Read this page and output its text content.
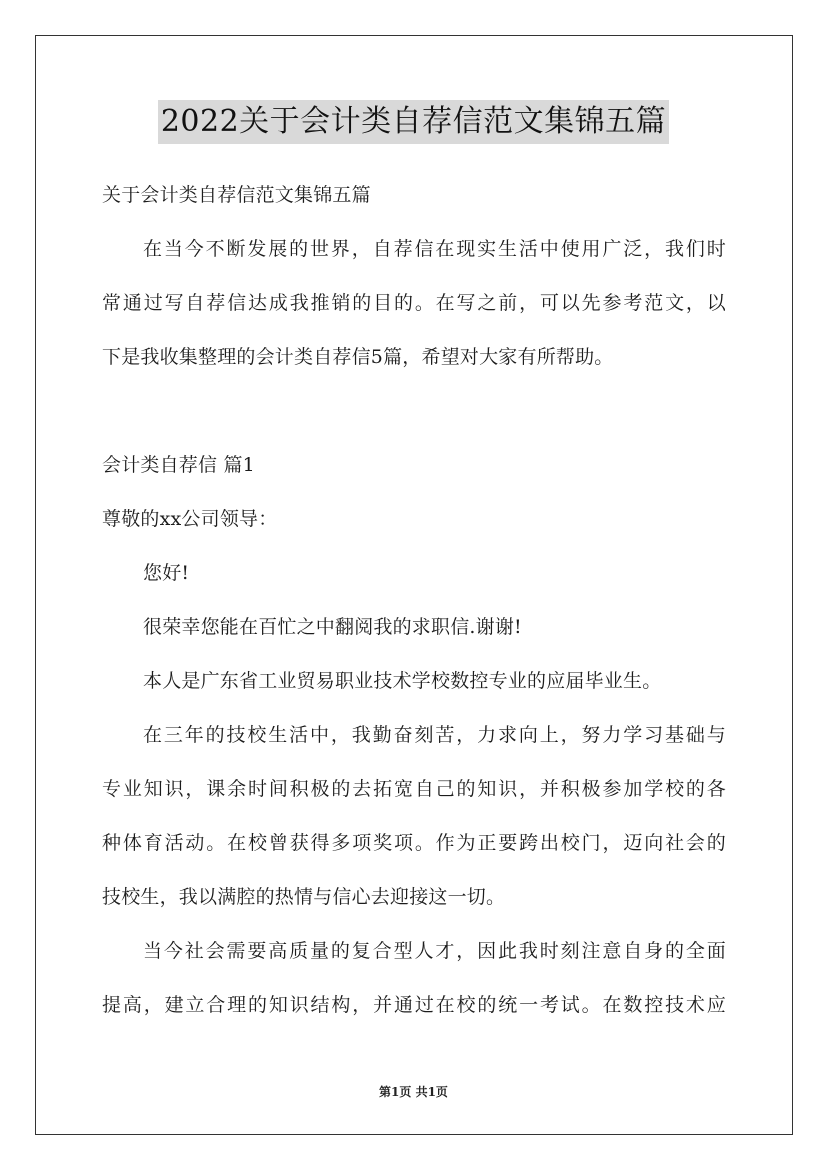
2022关于会计类自荐信范文集锦五篇
关于会计类自荐信范文集锦五篇
在当今不断发展的世界，自荐信在现实生活中使用广泛，我们时
常通过写自荐信达成我推销的目的。在写之前，可以先参考范文，以
下是我收集整理的会计类自荐信5篇，希望对大家有所帮助。
会计类自荐信 篇1
尊敬的xx公司领导：
您好!
很荣幸您能在百忙之中翻阅我的求职信.谢谢!
本人是广东省工业贸易职业技术学校数控专业的应届毕业生。
在三年的技校生活中，我勤奋刻苦，力求向上，努力学习基础与
专业知识，课余时间积极的去拓宽自己的知识，并积极参加学校的各
种体育活动。在校曾获得多项奖项。作为正要跨出校门，迈向社会的
技校生，我以满腔的热情与信心去迎接这一切。
当今社会需要高质量的复合型人才，因此我时刻注意自身的全面
提高，建立合理的知识结构，并通过在校的统一考试。在数控技术应
第1页 共1页
